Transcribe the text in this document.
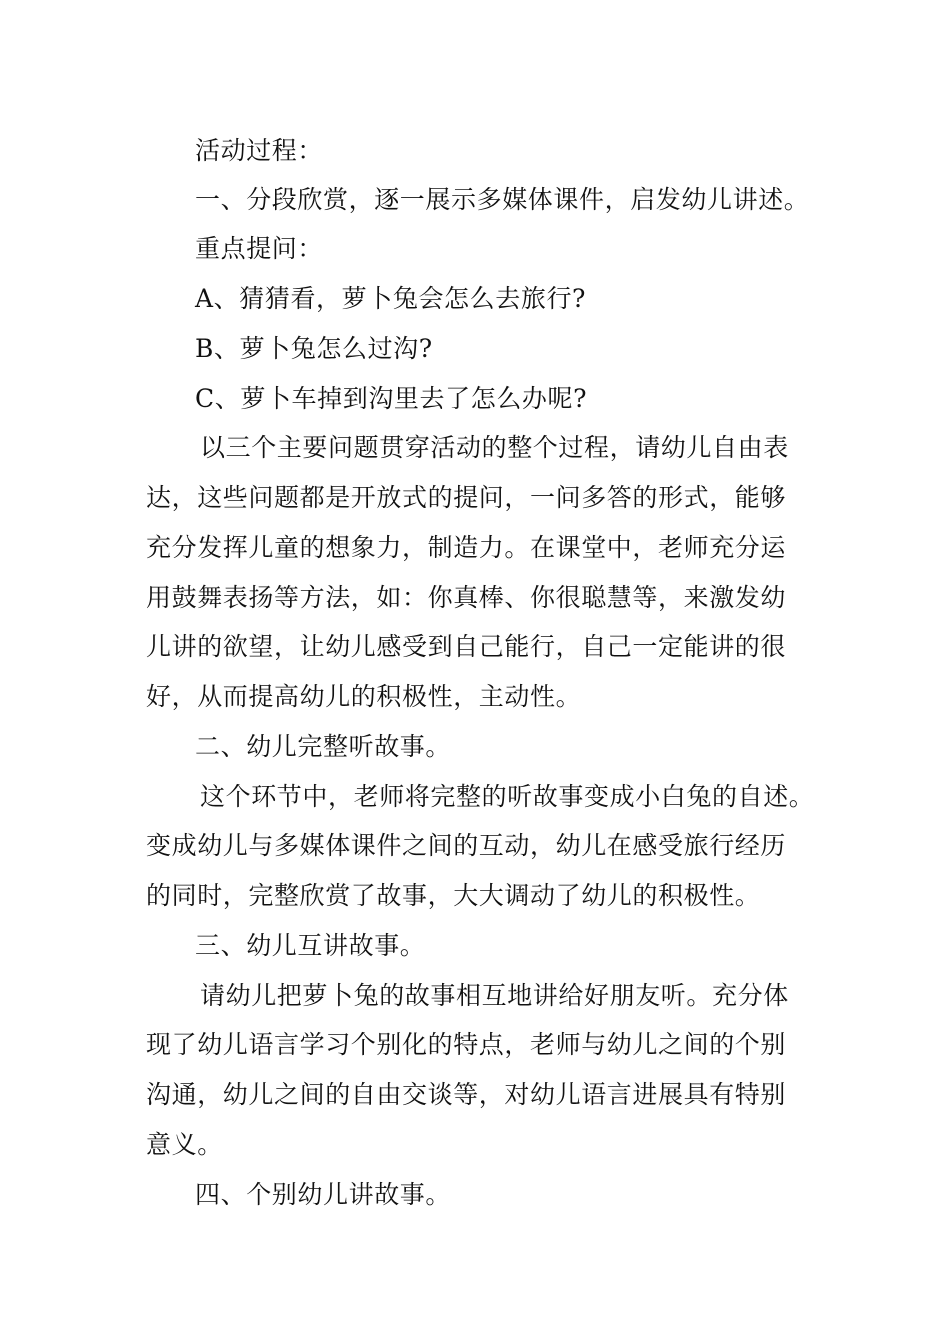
活动过程：
一、分段欣赏，逐一展示多媒体课件，启发幼儿讲述。
重点提问：
A、猜猜看，萝卜兔会怎么去旅行?
B、萝卜兔怎么过沟?
C、萝卜车掉到沟里去了怎么办呢?
以三个主要问题贯穿活动的整个过程，请幼儿自由表
达，这些问题都是开放式的提问，一问多答的形式，能够
充分发挥儿童的想象力，制造力。在课堂中，老师充分运
用鼓舞表扬等方法，如：你真棒、你很聪慧等，来激发幼
儿讲的欲望，让幼儿感受到自己能行，自己一定能讲的很
好，从而提高幼儿的积极性，主动性。
二、幼儿完整听故事。
这个环节中，老师将完整的听故事变成小白兔的自述。
变成幼儿与多媒体课件之间的互动，幼儿在感受旅行经历
的同时，完整欣赏了故事，大大调动了幼儿的积极性。
三、幼儿互讲故事。
请幼儿把萝卜兔的故事相互地讲给好朋友听。充分体
现了幼儿语言学习个别化的特点，老师与幼儿之间的个别
沟通，幼儿之间的自由交谈等，对幼儿语言进展具有特别
意义。
四、个别幼儿讲故事。
